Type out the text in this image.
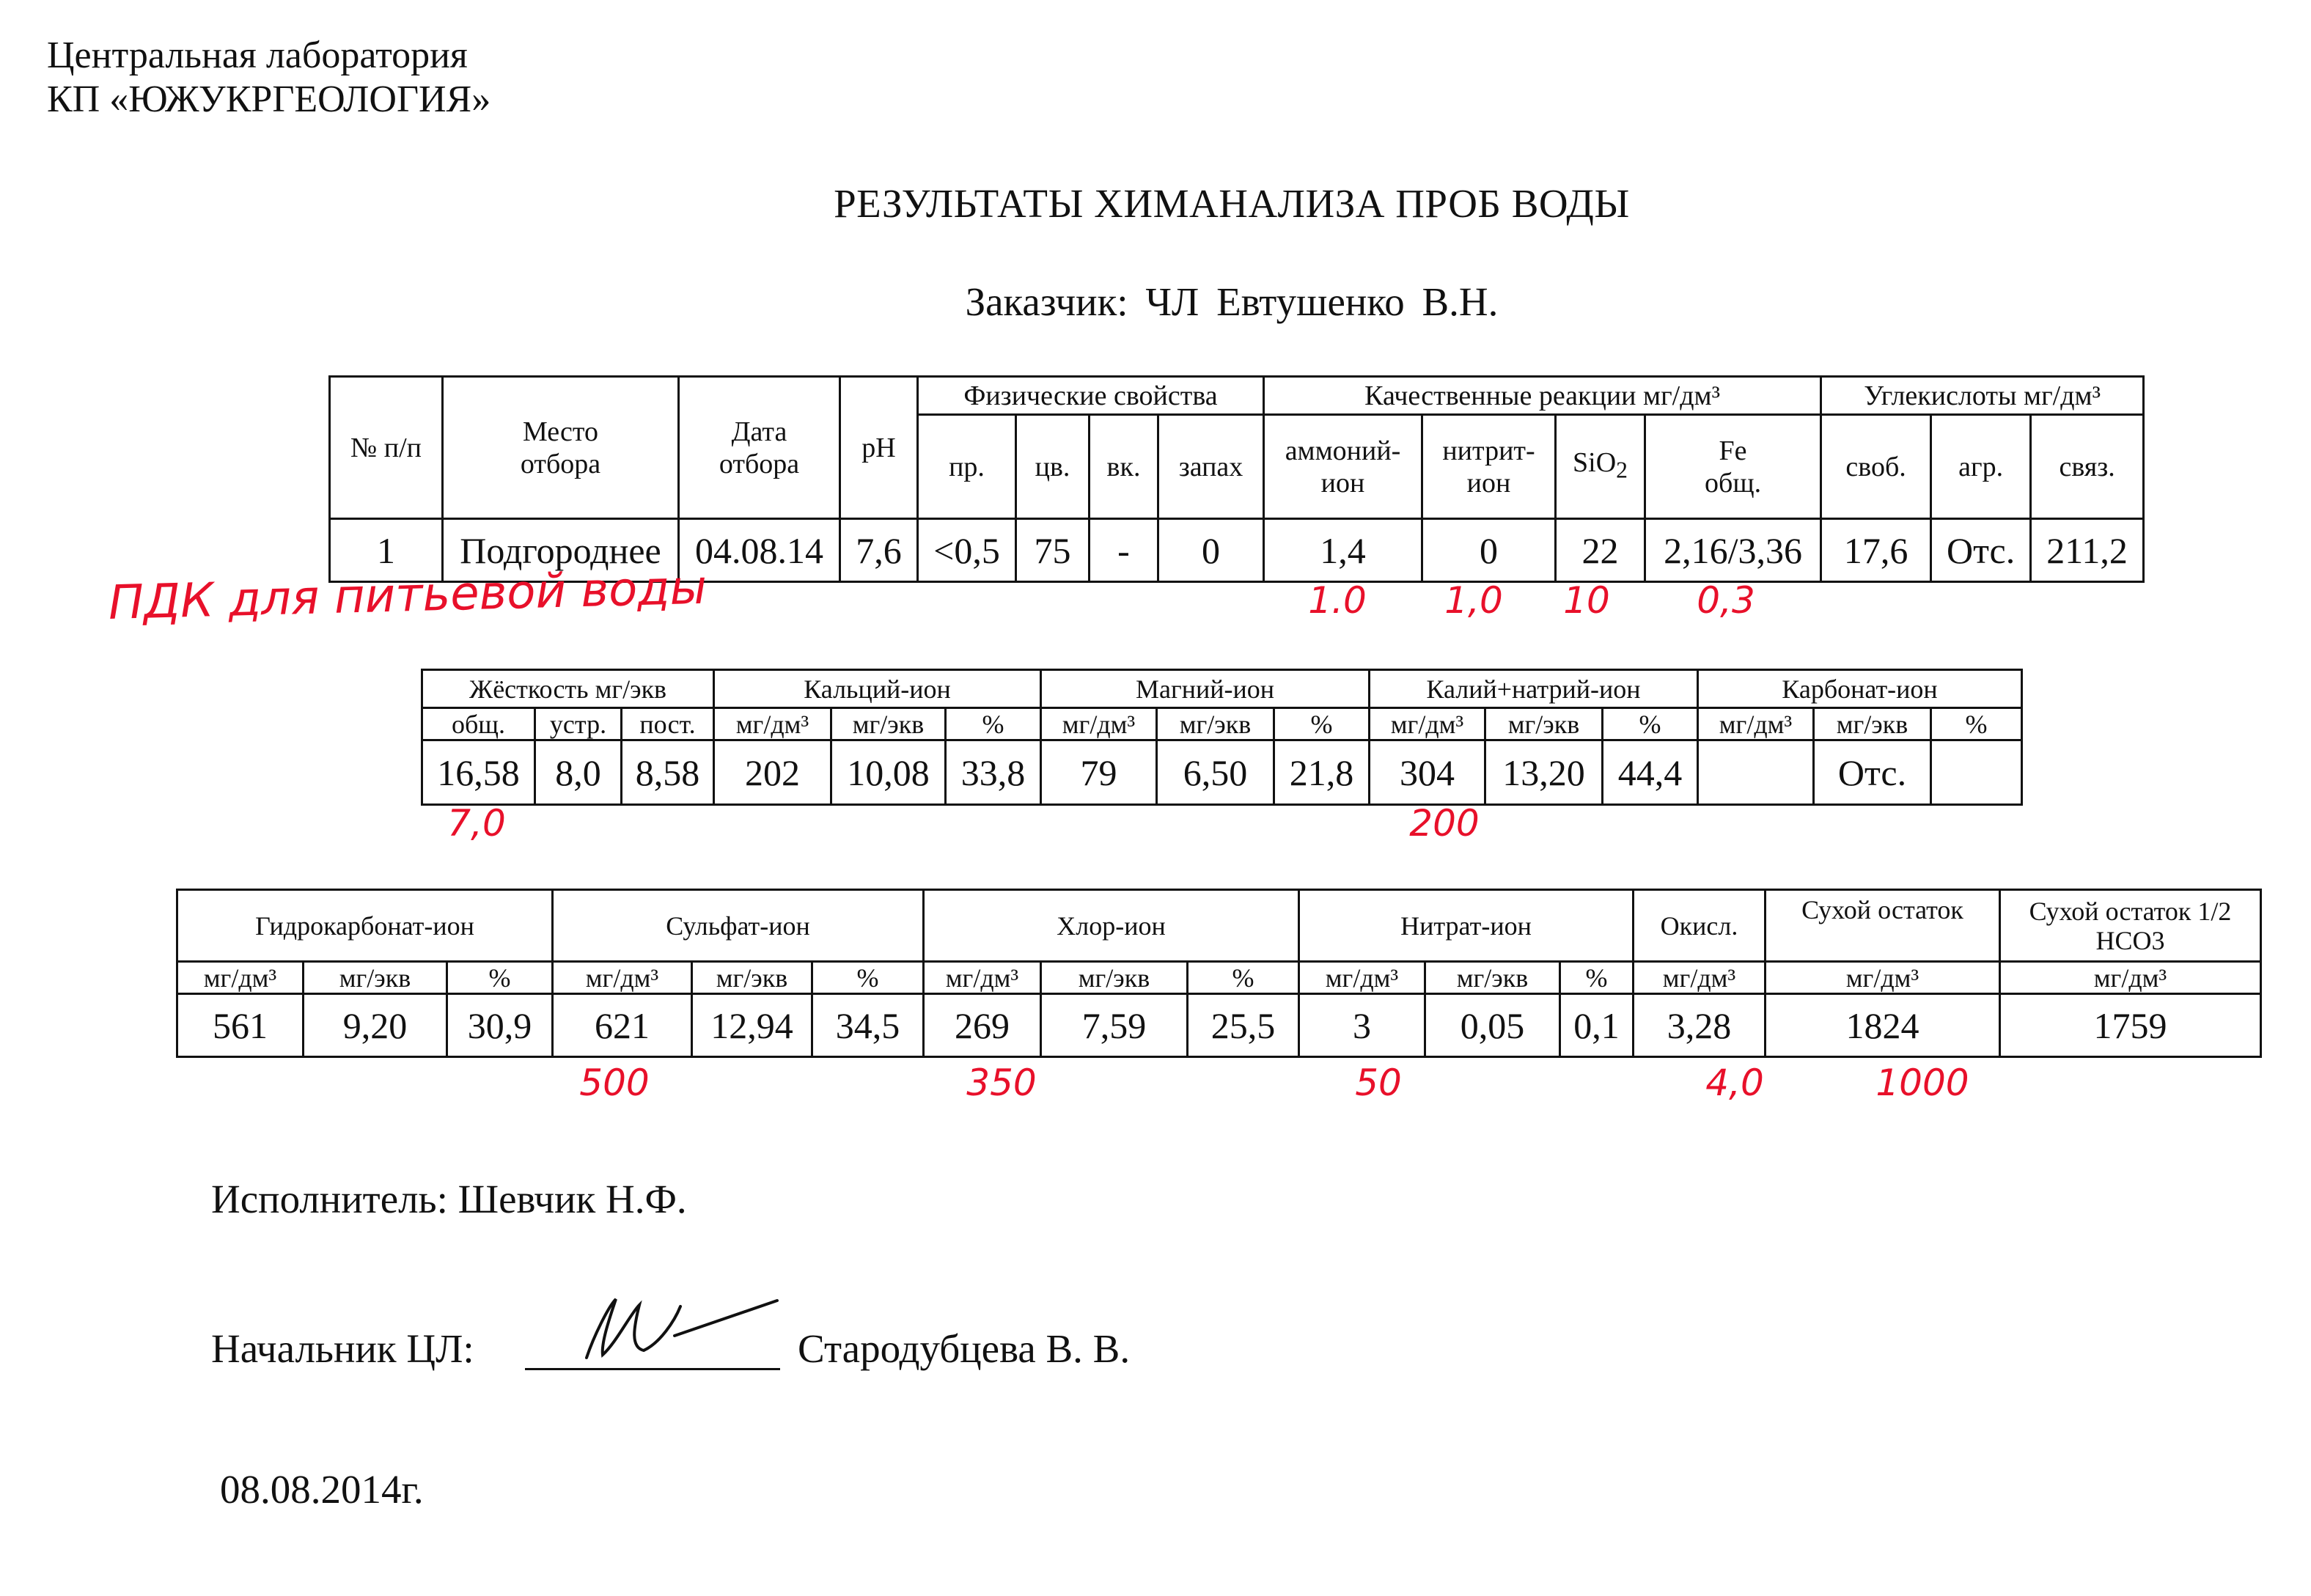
Центральная лаборатория
КП «ЮЖУКРГЕОЛОГИЯ»
РЕЗУЛЬТАТЫ ХИМАНАЛИЗА ПРОБ ВОДЫ
Заказчик: ЧЛ Евтушенко В.Н.
№ п/п	Место отбора	Дата отбора	pH	Физические свойства				Качественные реакции мг/дм³				Углекислоты мг/дм³		
				пр.	цв.	вк.	запах	аммоний-ион	нитрит-ион	SiO$_2$	Fe общ.	своб.	агр.	связ.
1	Подгороднее	04.08.14	7,6	<0,5	75	-	0	1,4	0	22	2,16/3,36	17,6	Отс.	211,2
ПДК для питьевой воды	1.0	1,0	10	0,3
Жёсткость мг/экв			Кальций-ион			Магний-ион			Калий+натрий-ион			Карбонат-ион		
общ.	устр.	пост.	мг/дм³	мг/экв	%	мг/дм³	мг/экв	%	мг/дм³	мг/экв	%	мг/дм³	мг/экв	%
16,58	8,0	8,58	202	10,08	33,8	79	6,50	21,8	304	13,20	44,4		Отс.	
7,0	200
Гидрокарбонат-ион			Сульфат-ион			Хлор-ион			Нитрат-ион			Окисл.	Сухой остаток	Сухой остаток 1/2 HCO3
мг/дм³	мг/экв	%	мг/дм³	мг/экв	%	мг/дм³	мг/экв	%	мг/дм³	мг/экв	%	мг/дм³	мг/дм³	мг/дм³
561	9,20	30,9	621	12,94	34,5	269	7,59	25,5	3	0,05	0,1	3,28	1824	1759
500	350	50	4,0	1000
Исполнитель: Шевчик Н.Ф.
Начальник ЦЛ:	Стародубцева В. В.
08.08.2014г.
